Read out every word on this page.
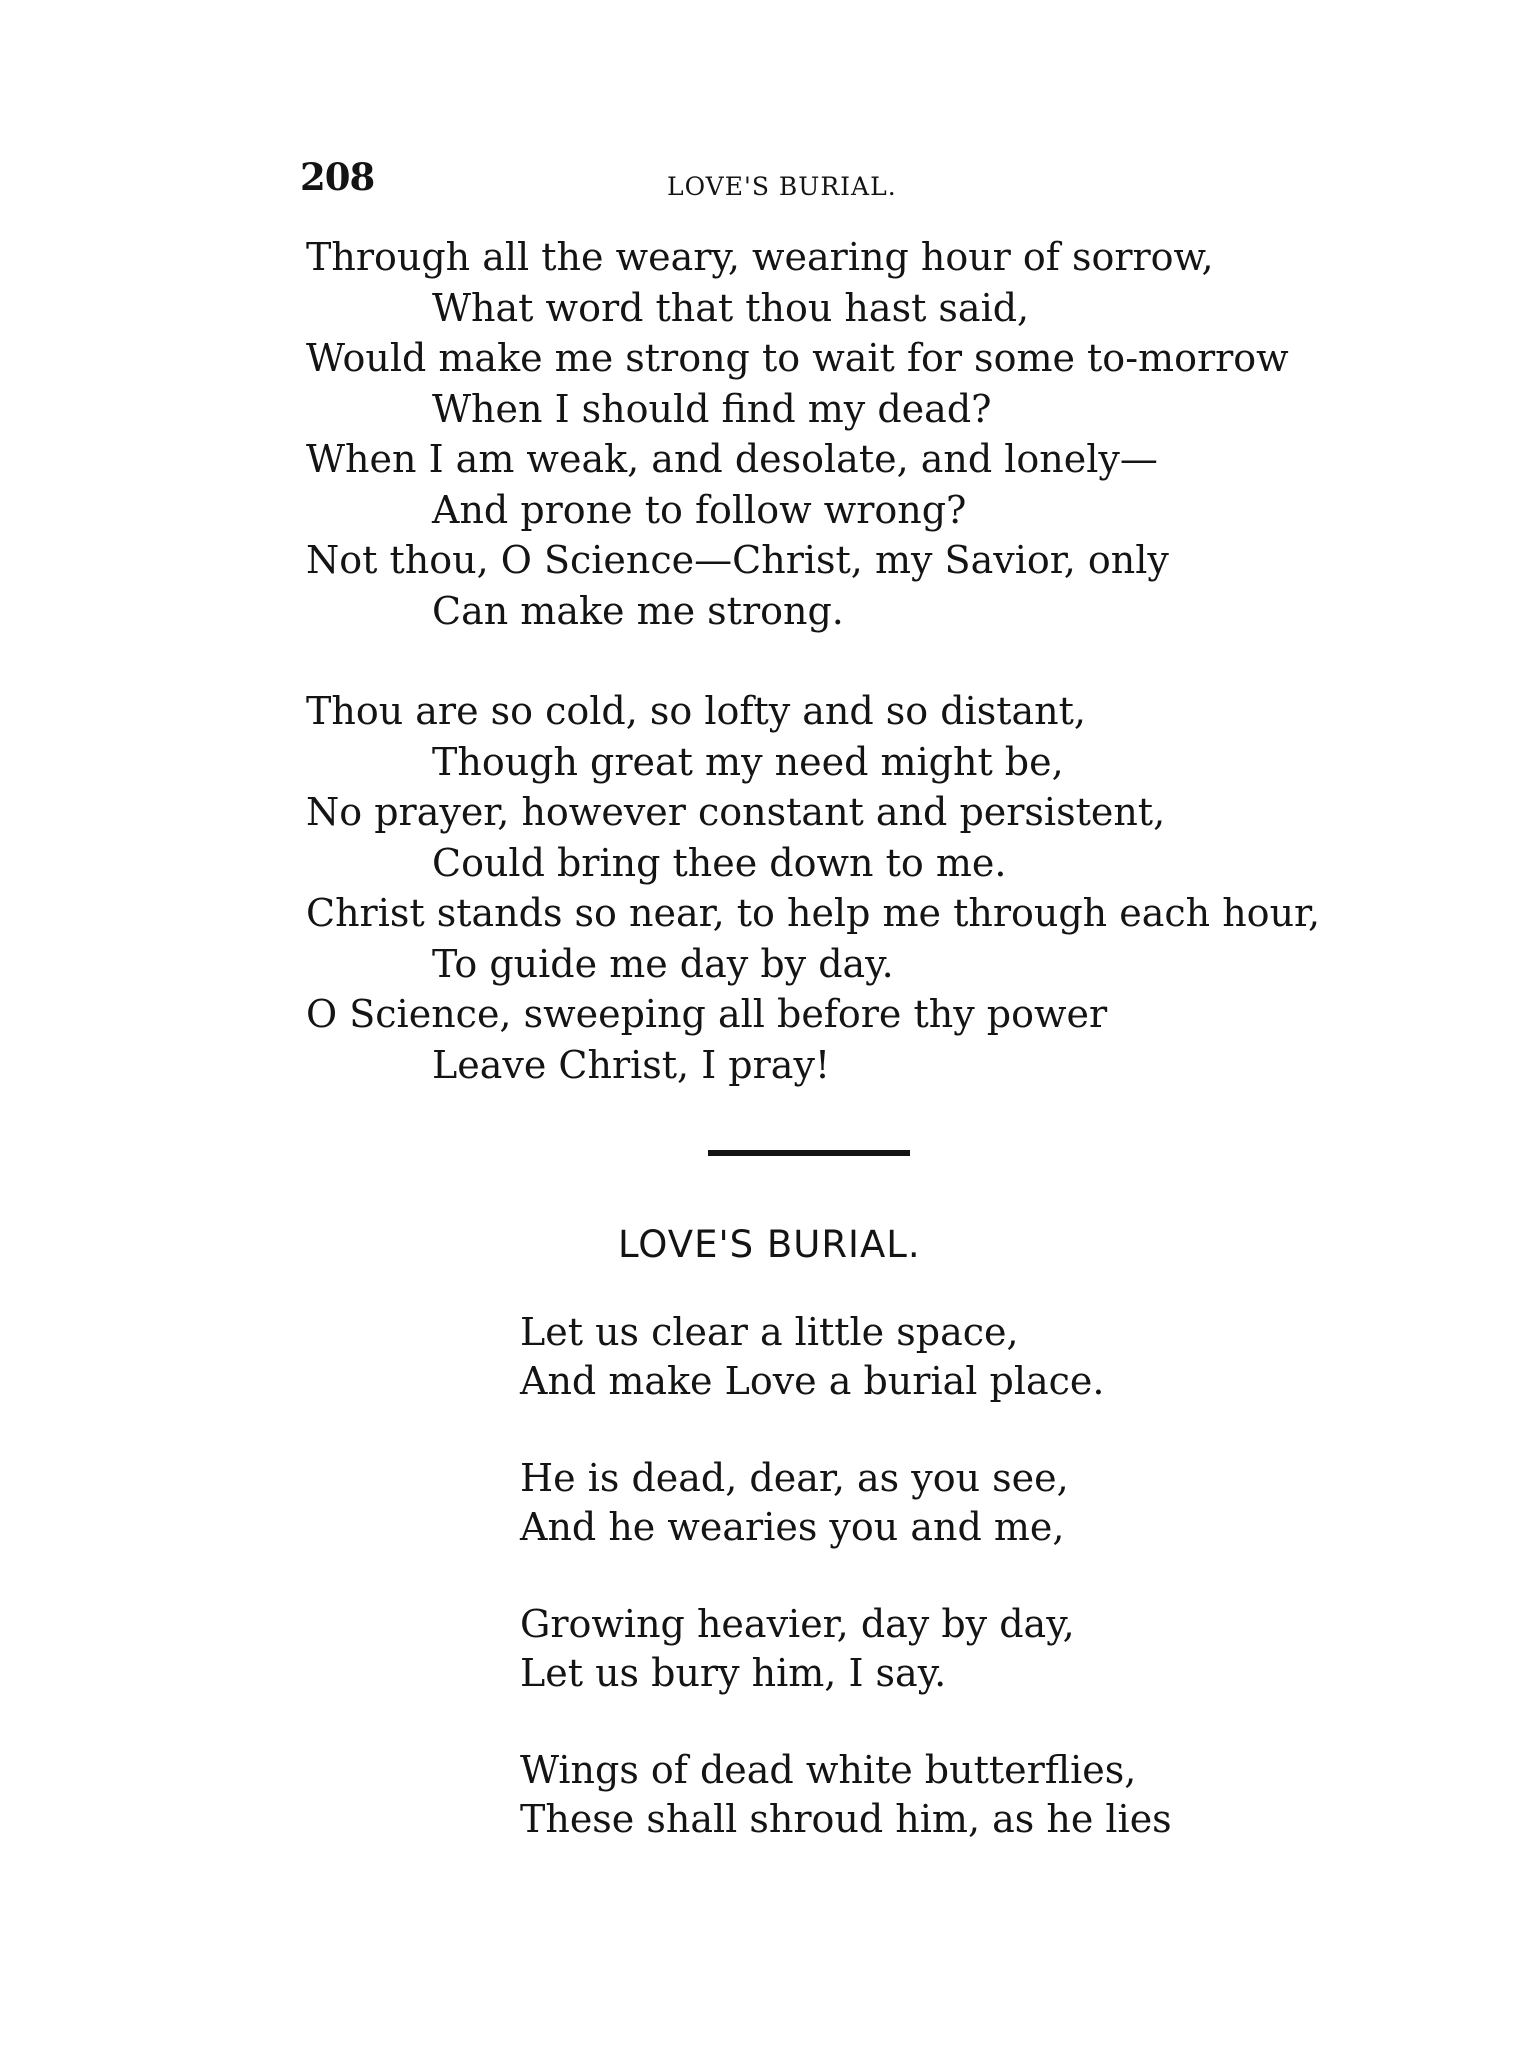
208	LOVE'S BURIAL.
Through all the weary, wearing hour of sorrow,
What word that thou hast said,
Would make me strong to wait for some to-morrow
When I should find my dead?
When I am weak, and desolate, and lonely—
And prone to follow wrong?
Not thou, O Science—Christ, my Savior, only
Can make me strong.
Thou are so cold, so lofty and so distant,
Though great my need might be,
No prayer, however constant and persistent,
Could bring thee down to me.
Christ stands so near, to help me through each hour,
To guide me day by day.
O Science, sweeping all before thy power
Leave Christ, I pray!
LOVE'S BURIAL.
Let us clear a little space,
And make Love a burial place.
He is dead, dear, as you see,
And he wearies you and me,
Growing heavier, day by day,
Let us bury him, I say.
Wings of dead white butterflies,
These shall shroud him, as he lies
